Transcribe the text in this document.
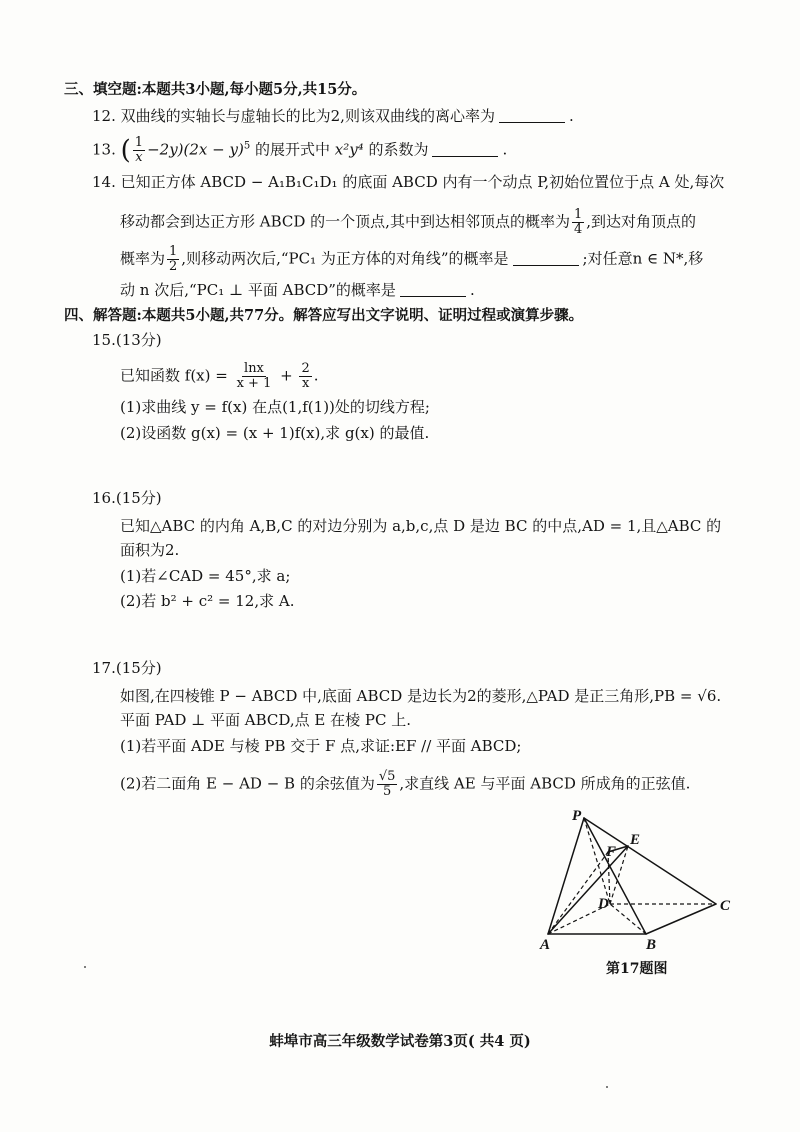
三、填空题:本题共3小题,每小题5分,共15分。
12. 双曲线的实轴长与虚轴长的比为2,则该双曲线的离心率为	.
13. ( $\frac{1}{x} -2y)(2x - y)^5$ 的展开式中 x²y⁴ 的系数为	.
14. 已知正方体 ABCD − A₁B₁C₁D₁ 的底面 ABCD 内有一个动点 P,初始位置位于点 A 处,每次
移动都会到达正方形 ABCD 的一个顶点,其中到达相邻顶点的概率为 $\frac{1}{4}$ ,到达对角顶点的
概率为 $\frac{1}{2}$ ,则移动两次后,“PC₁ 为正方体的对角线”的概率是	;对任意n ∈ N*,移
动 n 次后,“PC₁ ⊥ 平面 ABCD”的概率是	.
四、解答题:本题共5小题,共77分。解答应写出文字说明、证明过程或演算步骤。
15.(13分)
已知函数 $f(x) = \frac{\ln x}{x + 1} + \frac{2}{x}$ .
(1)求曲线 y = f(x) 在点(1,f(1))处的切线方程;
(2)设函数 g(x) = (x + 1)f(x),求 g(x) 的最值.
16.(15分)
已知△ABC 的内角 A,B,C 的对边分别为 a,b,c,点 D 是边 BC 的中点,AD = 1,且△ABC 的
面积为2.
(1)若∠CAD = 45°,求 a;
(2)若 b² + c² = 12,求 A.
17.(15分)
如图,在四棱锥 P − ABCD 中,底面 ABCD 是边长为2的菱形,△PAD 是正三角形,PB = √6.
平面 PAD ⊥ 平面 ABCD,点 E 在棱 PC 上.
(1)若平面 ADE 与棱 PB 交于 F 点,求证:EF // 平面 ABCD;
(2)若二面角 E − AD − B 的余弦值为 $\frac{√5}{5}$ ,求直线 AE 与平面 ABCD 所成角的正弦值.
P
E
F
D	C
A	B
第17题图
蚌埠市高三年级数学试卷第3页( 共4 页)
